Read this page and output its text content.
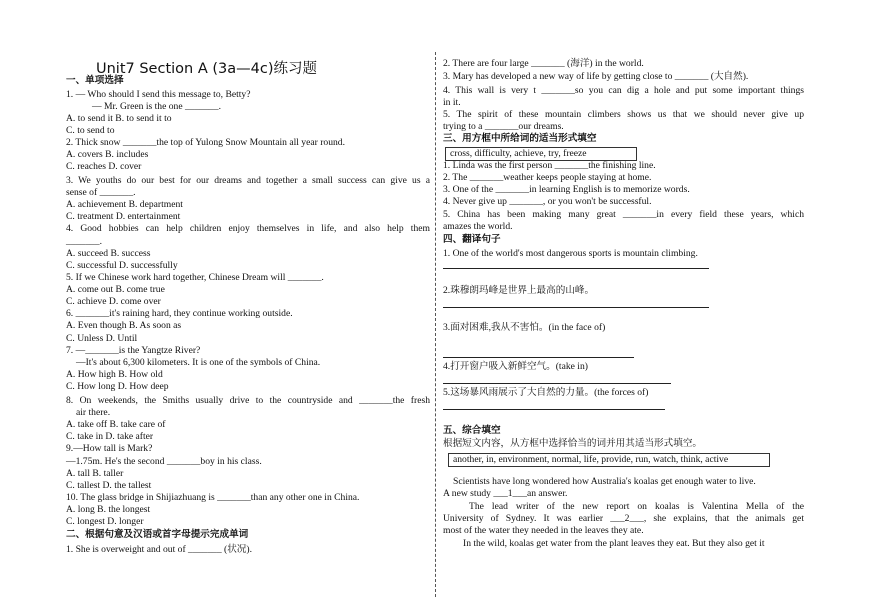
Unit7 Section A (3a—4c)练习题
一、单项选择
1. — Who should I send this message to, Betty?
— Mr. Green is the one _______.
A. to send it B. to send it to
C. to send to
2. Thick snow _______the top of Yulong Snow Mountain all year round.
A. covers B. includes
C. reaches D. cover
3. We youths do our best for our dreams and together a small success can give us a
sense of _______.
A. achievement B. department
C. treatment D. entertainment
4. Good hobbies can help children enjoy themselves in life, and also help them
_______.
A. succeed B. success
C. successful D. successfully
5. If we Chinese work hard together, Chinese Dream will _______.
A. come out B. come true
C. achieve D. come over
6. _______it's raining hard, they continue working outside.
A. Even though B. As soon as
C. Unless D. Until
7. —_______is the Yangtze River?
—It's about 6,300 kilometers. It is one of the symbols of China.
A. How high B. How old
C. How long D. How deep
8. On weekends, the Smiths usually drive to the countryside and _______the fresh
air there.
A. take off B. take care of
C. take in D. take after
9.—How tall is Mark?
—1.75m. He's the second _______boy in his class.
A. tall B. taller
C. tallest D. the tallest
10. The glass bridge in Shijiazhuang is _______than any other one in China.
A. long B. the longest
C. longest D. longer
二、根据句意及汉语或首字母提示完成单词
1. She is overweight and out of _______ (状况).
2. There are four large _______ (海洋) in the world.
3. Mary has developed a new way of life by getting close to _______ (大自然).
4. This wall is very t _______so you can dig a hole and put some important things
in it.
5. The spirit of these mountain climbers shows us that we should never give up
trying to a _______our dreams.
三、用方框中所给词的适当形式填空
cross, difficulty, achieve, try, freeze
1. Linda was the first person _______the finishing line.
2. The _______weather keeps people staying at home.
3. One of the _______in learning English is to memorize words.
4. Never give up _______, or you won't be successful.
5. China has been making many great _______in every field these years, which
amazes the world.
四、翻译句子
1. One of the world's most dangerous sports is mountain climbing.
2.珠穆朗玛峰是世界上最高的山峰。
3.面对困难,我从不害怕。(in the face of)
4.打开窗户吸入新鲜空气。(take in)
5.这场暴风雨展示了大自然的力量。(the forces of)
五、综合填空
根据短文内容，从方框中选择恰当的词并用其适当形式填空。
another, in, environment, normal, life, provide, run, watch, think, active
Scientists have long wondered how Australia's koalas get enough water to live.
A new study ___1___an answer.
The lead writer of the new report on koalas is Valentina Mella of the
University of Sydney. It was earlier ___2___, she explains, that the animals get
most of the water they needed in the leaves they ate.
In the wild, koalas get water from the plant leaves they eat. But they also get it
